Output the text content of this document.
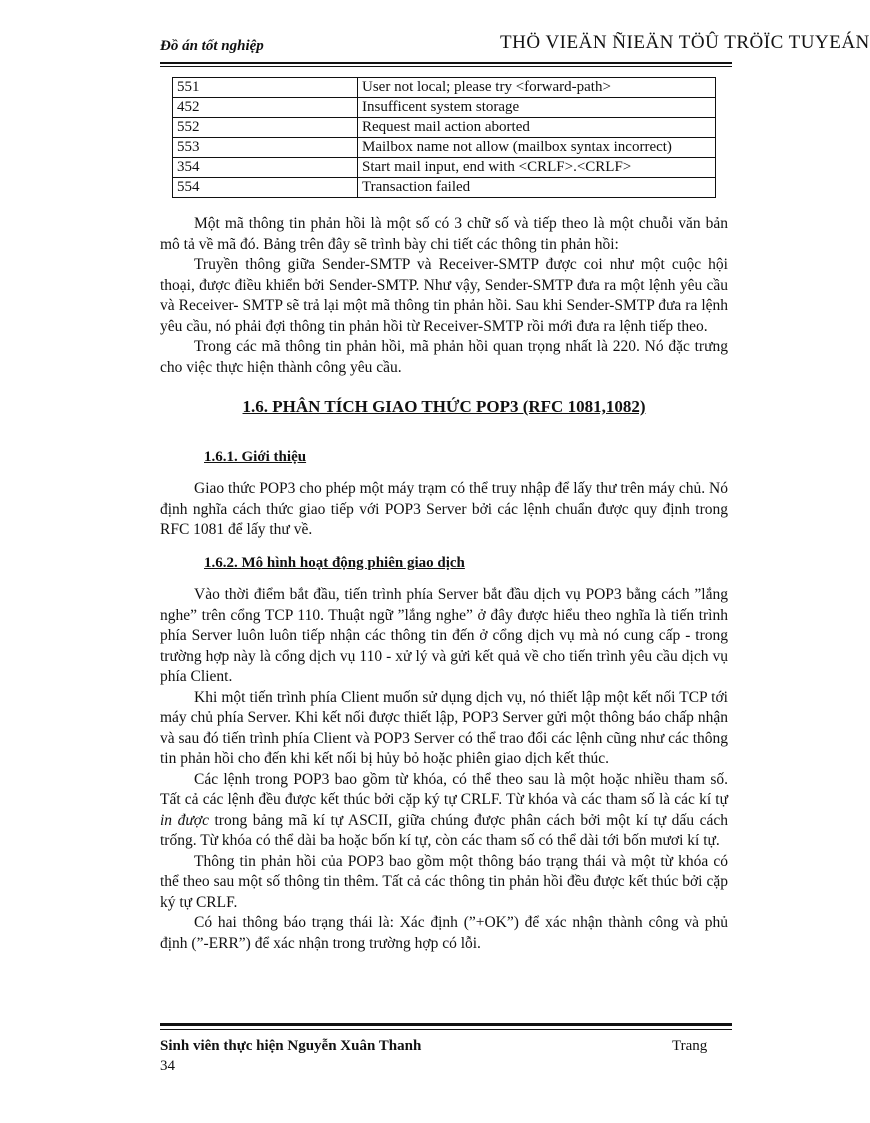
Đồ án tốt nghiệp	THÖ VIEÄN ÑIEÄN TÖÛ TRÖÏC TUYEÁN
551	User not local; please try <forward-path>
452	Insufficent system storage
552	Request mail action aborted
553	Mailbox name not allow (mailbox syntax incorrect)
354	Start mail input, end with <CRLF>.<CRLF>
554	Transaction failed

Một mã thông tin phản hồi là một số có 3 chữ số và tiếp theo là một chuỗi văn bản mô tả về mã đó. Bảng trên đây sẽ trình bày chi tiết các thông tin phản hồi:

Truyền thông giữa Sender-SMTP và Receiver-SMTP được coi như một cuộc hội thoại, được điều khiển bởi Sender-SMTP. Như vậy, Sender-SMTP đưa ra một lệnh yêu cầu và Receiver- SMTP sẽ trả lại một mã thông tin phản hồi. Sau khi Sender-SMTP đưa ra lệnh yêu cầu, nó phải đợi thông tin phản hồi từ Receiver-SMTP rồi mới đưa ra lệnh tiếp theo.

Trong các mã thông tin phản hồi, mã phản hồi quan trọng nhất là 220. Nó đặc trưng cho việc thực hiện thành công yêu cầu.

1.6. PHÂN TÍCH GIAO THỨC POP3 (RFC 1081,1082)
1.6.1. Giới thiệu

Giao thức POP3 cho phép một máy trạm có thể truy nhập để lấy thư trên máy chủ. Nó định nghĩa cách thức giao tiếp với POP3 Server bởi các lệnh chuẩn được quy định trong RFC 1081 để lấy thư về.

1.6.2. Mô hình hoạt động phiên giao dịch

Vào thời điểm bắt đầu, tiến trình phía Server bắt đầu dịch vụ POP3 bằng cách ”lắng nghe” trên cổng TCP 110. Thuật ngữ ”lắng nghe” ở đây được hiểu theo nghĩa là tiến trình phía Server luôn luôn tiếp nhận các thông tin đến ở cổng dịch vụ mà nó cung cấp - trong trường hợp này là cổng dịch vụ 110 - xử lý và gửi kết quả về cho tiến trình yêu cầu dịch vụ phía Client.

Khi một tiến trình phía Client muốn sử dụng dịch vụ, nó thiết lập một kết nối TCP tới máy chủ phía Server. Khi kết nối được thiết lập, POP3 Server gửi một thông báo chấp nhận và sau đó tiến trình phía Client và POP3 Server có thể trao đổi các lệnh cũng như các thông tin phản hồi cho đến khi kết nối bị hủy bỏ hoặc phiên giao dịch kết thúc.

Các lệnh trong POP3 bao gồm từ khóa, có thể theo sau là một hoặc nhiều tham số. Tất cả các lệnh đều được kết thúc bởi cặp ký tự CRLF. Từ khóa và các tham số là các kí tự in được trong bảng mã kí tự ASCII, giữa chúng được phân cách bởi một kí tự dấu cách trống. Từ khóa có thể dài ba hoặc bốn kí tự, còn các tham số có thể dài tới bốn mươi kí tự.

Thông tin phản hồi của POP3 bao gồm một thông báo trạng thái và một từ khóa có thể theo sau một số thông tin thêm. Tất cả các thông tin phản hồi đều được kết thúc bởi cặp ký tự CRLF.

Có hai thông báo trạng thái là: Xác định (”+OK”) để xác nhận thành công và phủ định (”-ERR”) để xác nhận trong trường hợp có lỗi.

Sinh viên thực hiện Nguyễn Xuân Thanh	Trang
34
